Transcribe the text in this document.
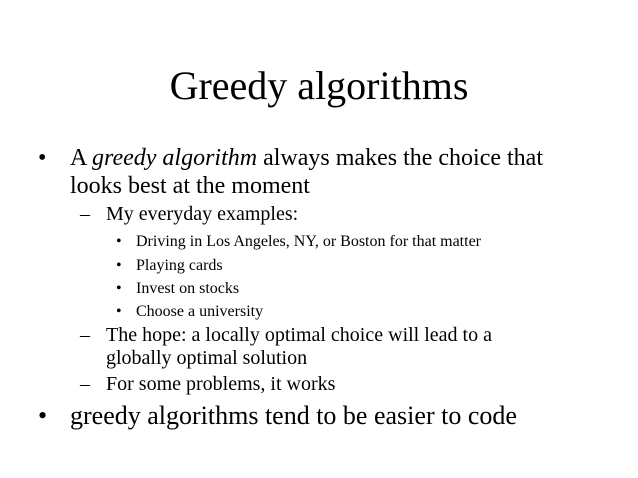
Greedy algorithms
• A greedy algorithm always makes the choice that
looks best at the moment
– My everyday examples:
• Driving in Los Angeles, NY, or Boston for that matter
• Playing cards
• Invest on stocks
• Choose a university
– The hope: a locally optimal choice will lead to a
globally optimal solution
– For some problems, it works
• greedy algorithms tend to be easier to code
